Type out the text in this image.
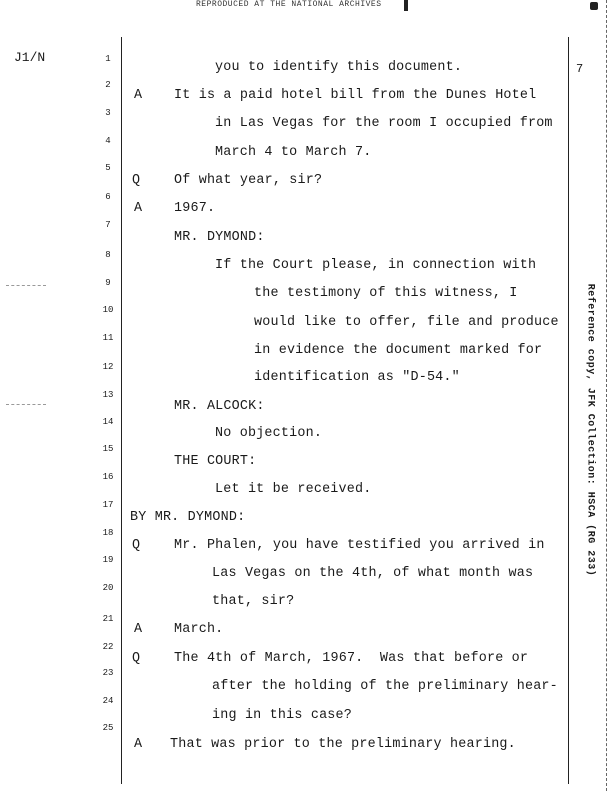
REPRODUCED AT THE NATIONAL ARCHIVES
J1/N
7
Reference copy, JFK Collection: HSCA (RG 233)
1
2
3
4
5
6
7
8
9
10
11
12
13
14
15
16
17
18
19
20
21
22
23
24
25
you to identify this document.
A It is a paid hotel bill from the Dunes Hotel
in Las Vegas for the room I occupied from
March 4 to March 7.
Q	Of what year, sir?
A 1967.
MR. DYMOND:
If the Court please, in connection with
the testimony of this witness, I
would like to offer, file and produce
in evidence the document marked for
identification as "D-54."
MR. ALCOCK:
No objection.
THE COURT:
Let it be received.
BY MR. DYMOND:
Q	Mr. Phalen, you have testified you arrived in
Las Vegas on the 4th, of what month was
that, sir?
A March.
Q	The 4th of March, 1967.  Was that before or
after the holding of the preliminary hear-
ing in this case?
A That was prior to the preliminary hearing.
